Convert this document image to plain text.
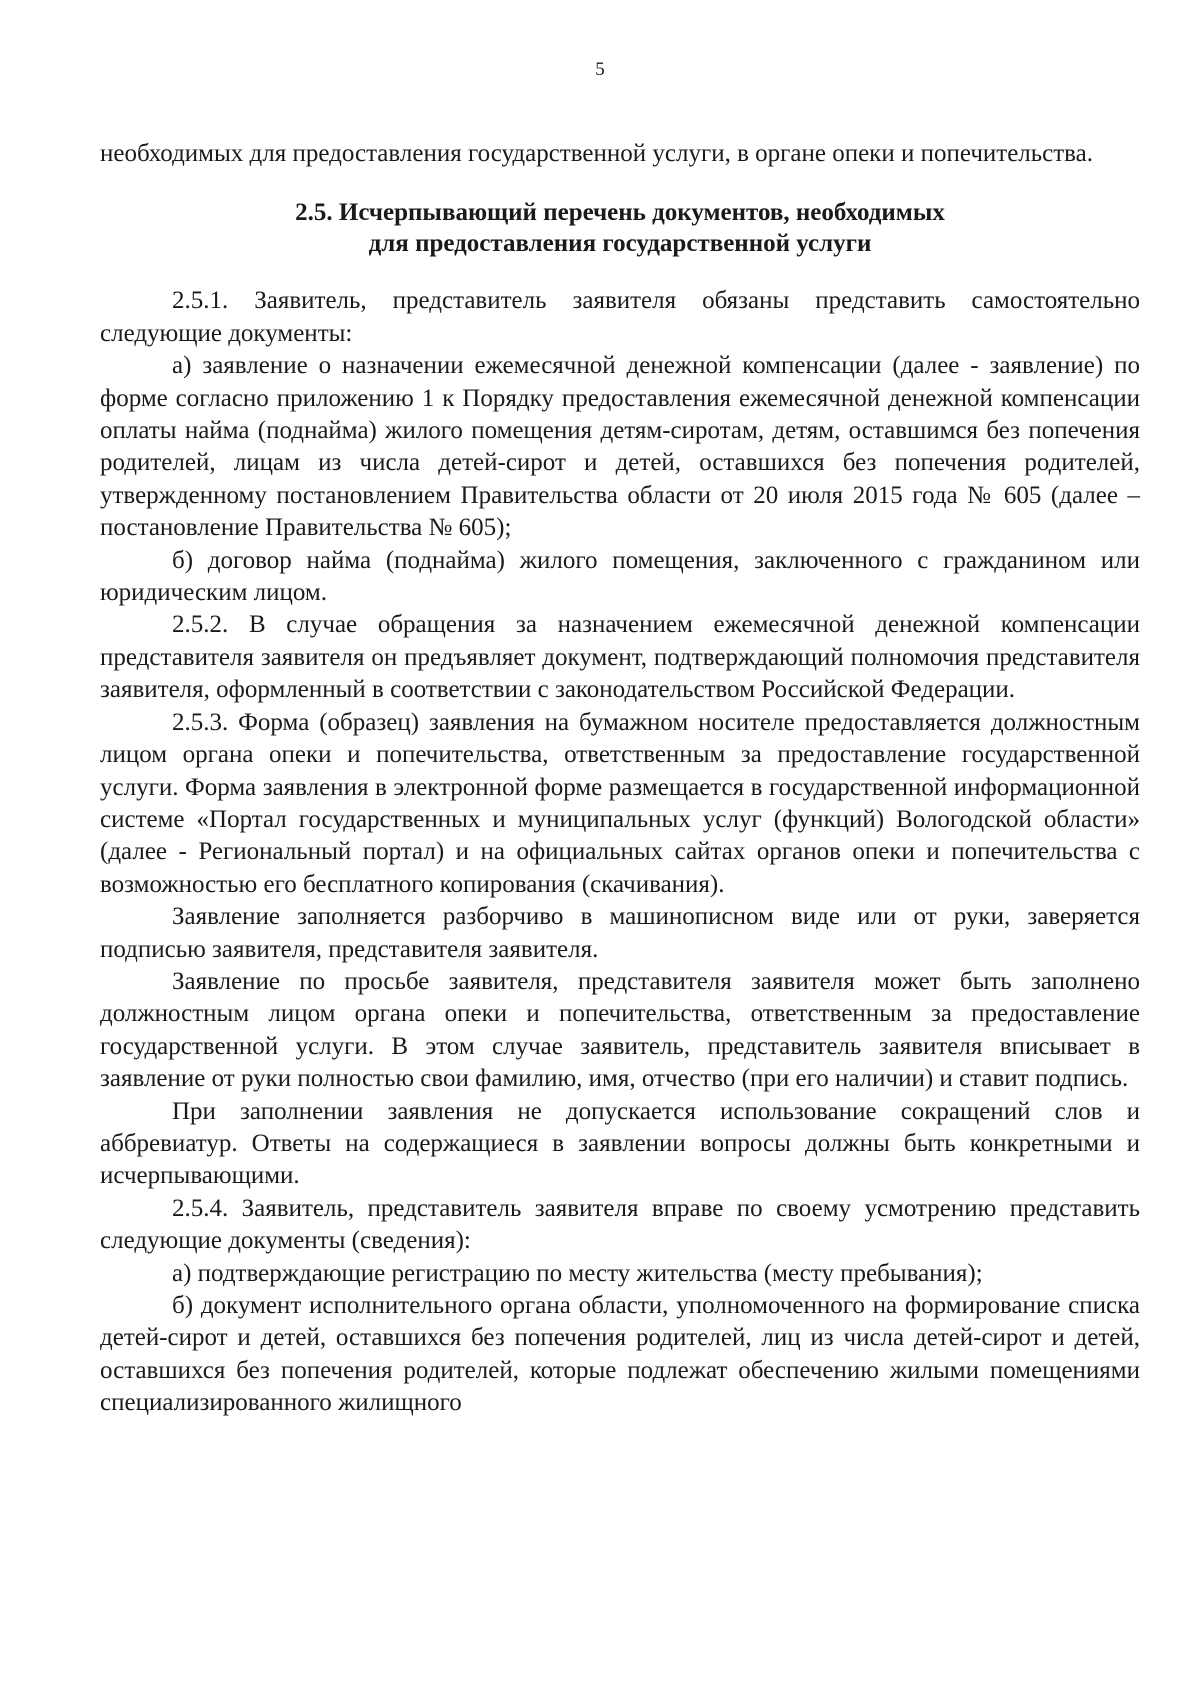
5

необходимых для предоставления государственной услуги, в органе опеки и попечительства.

2.5. Исчерпывающий перечень документов, необходимых
для предоставления государственной услуги

2.5.1. Заявитель, представитель заявителя обязаны представить самостоятельно следующие документы:

а) заявление о назначении ежемесячной денежной компенсации (далее - заявление) по форме согласно приложению 1 к Порядку предоставления ежемесячной денежной компенсации оплаты найма (поднайма) жилого помещения детям-сиротам, детям, оставшимся без попечения родителей, лицам из числа детей-сирот и детей, оставшихся без попечения родителей, утвержденному постановлением Правительства области от 20 июля 2015 года № 605 (далее – постановление Правительства № 605);

б) договор найма (поднайма) жилого помещения, заключенного с гражданином или юридическим лицом.

2.5.2. В случае обращения за назначением ежемесячной денежной компенсации представителя заявителя он предъявляет документ, подтверждающий полномочия представителя заявителя, оформленный в соответствии с законодательством Российской Федерации.

2.5.3. Форма (образец) заявления на бумажном носителе предоставляется должностным лицом органа опеки и попечительства, ответственным за предоставление государственной услуги. Форма заявления в электронной форме размещается в государственной информационной системе «Портал государственных и муниципальных услуг (функций) Вологодской области» (далее - Региональный портал) и на официальных сайтах органов опеки и попечительства с возможностью его бесплатного копирования (скачивания).

Заявление заполняется разборчиво в машинописном виде или от руки, заверяется подписью заявителя, представителя заявителя.

Заявление по просьбе заявителя, представителя заявителя может быть заполнено должностным лицом органа опеки и попечительства, ответственным за предоставление государственной услуги. В этом случае заявитель, представитель заявителя вписывает в заявление от руки полностью свои фамилию, имя, отчество (при его наличии) и ставит подпись.

При заполнении заявления не допускается использование сокращений слов и аббревиатур. Ответы на содержащиеся в заявлении вопросы должны быть конкретными и исчерпывающими.

2.5.4. Заявитель, представитель заявителя вправе по своему усмотрению представить следующие документы (сведения):

а) подтверждающие регистрацию по месту жительства (месту пребывания);

б) документ исполнительного органа области, уполномоченного на формирование списка детей-сирот и детей, оставшихся без попечения родителей, лиц из числа детей-сирот и детей, оставшихся без попечения родителей, которые подлежат обеспечению жилыми помещениями специализированного жилищного
